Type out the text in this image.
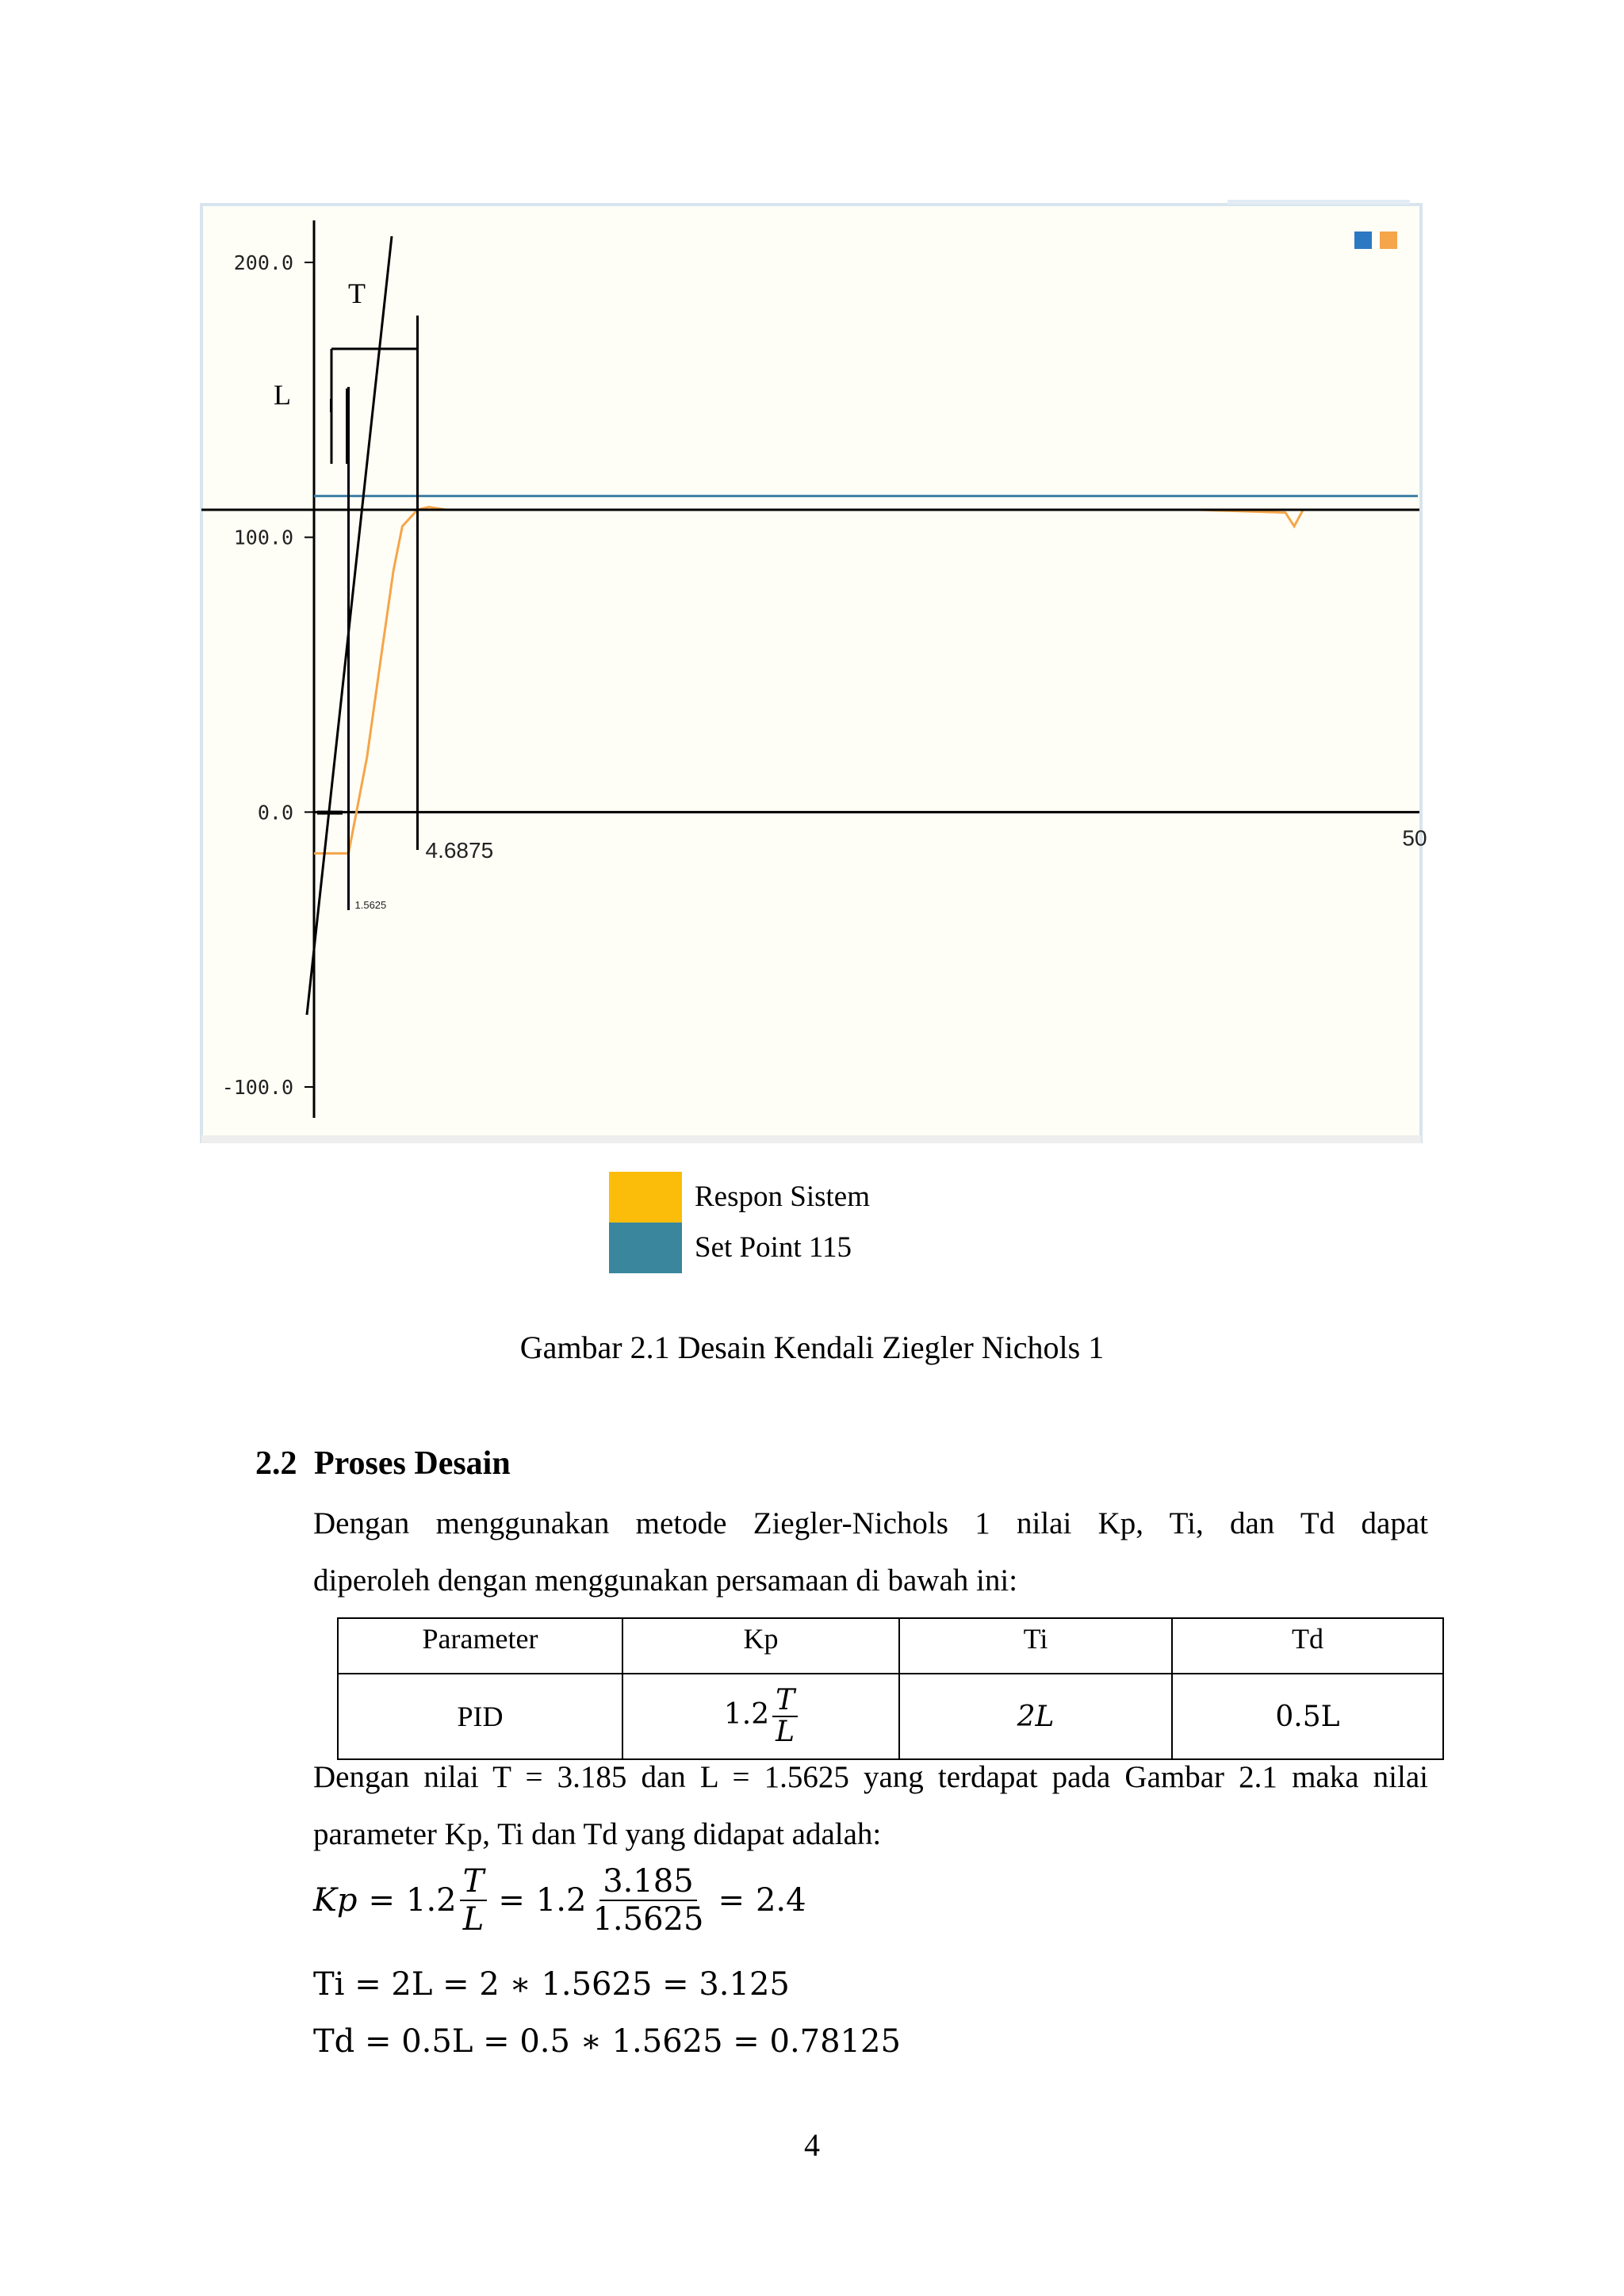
200.0
100.0
0.0
-100.0
50
T
L
4.6875
1.5625
Respon Sistem
Set Point 115
Gambar 2.1 Desain Kendali Ziegler Nichols 1
2.2 Proses Desain
Dengan menggunakan metode Ziegler-Nichols 1 nilai Kp, Ti, dan Td dapat
diperoleh dengan menggunakan persamaan di bawah ini:
Parameter	Kp	Ti	Td
PID	$1.2 \frac{T}{L}$	2L	0.5L
Dengan nilai T = 3.185 dan L = 1.5625 yang terdapat pada Gambar 2.1 maka nilai
parameter Kp, Ti dan Td yang didapat adalah:
$Kp = 1.2 \frac{T}{L} = 1.2 \frac{3.185}{1.5625} = 2.4$
Ti = 2L = 2 ∗ 1.5625 = 3.125
Td = 0.5L = 0.5 ∗ 1.5625 = 0.78125
4
